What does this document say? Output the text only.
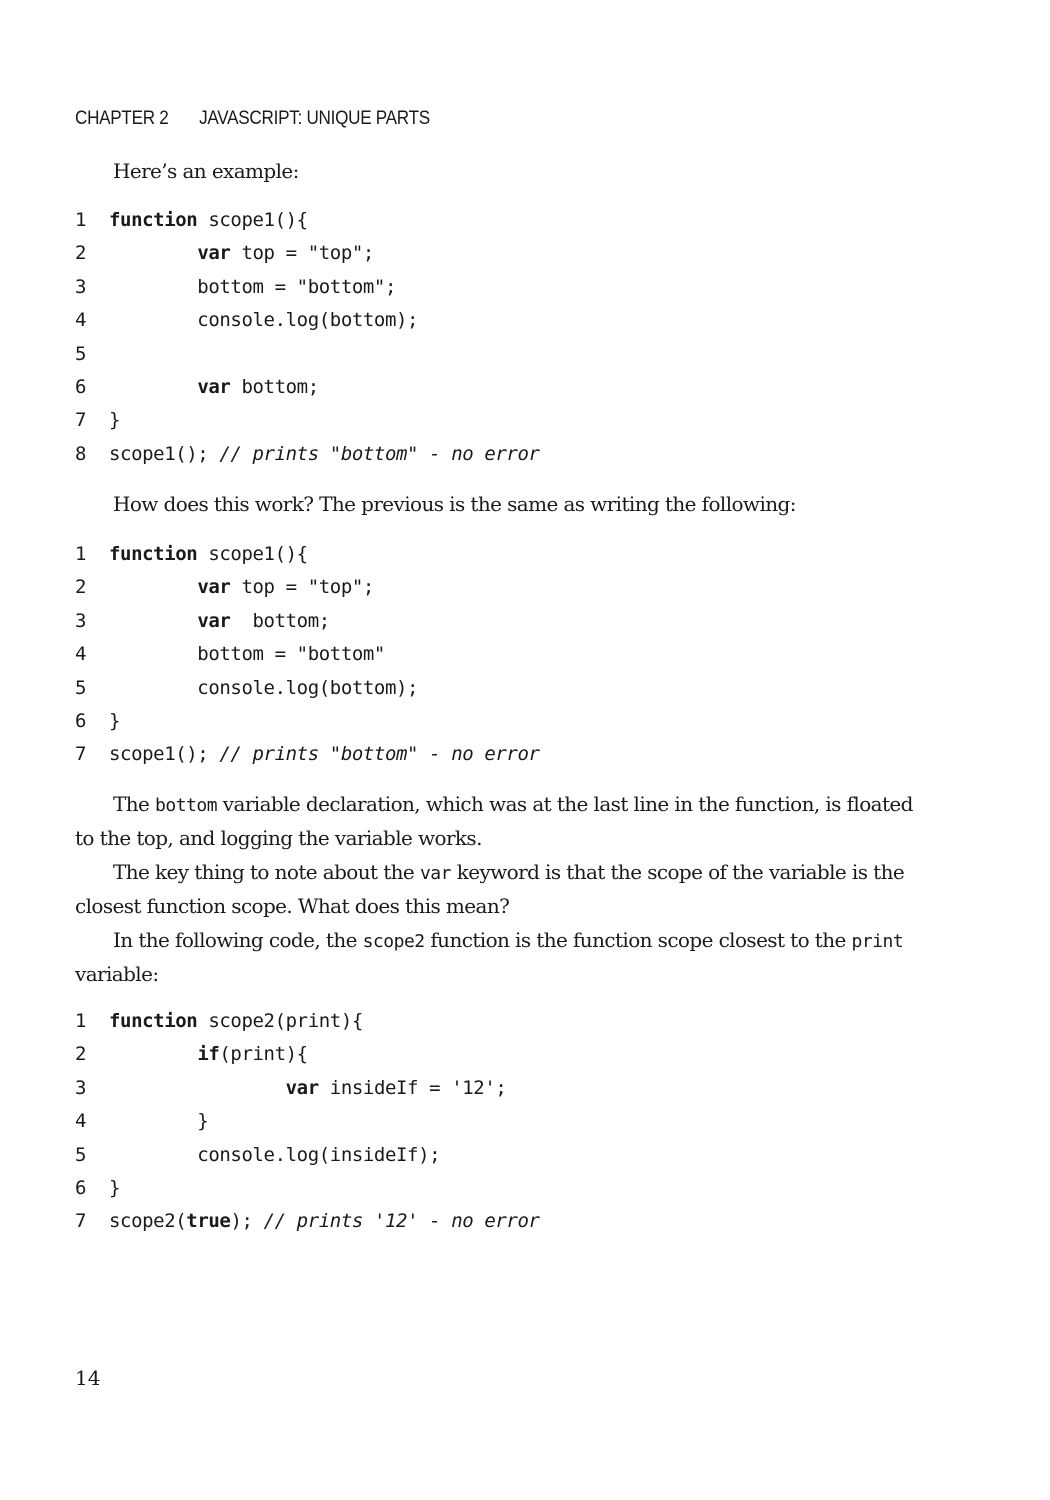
CHAPTER 2 JAVASCRIPT: UNIQUE PARTS

Here’s an example:

1	function scope1(){
2	var top = "top";
3	bottom = "bottom";
4	console.log(bottom);
5
6	var bottom;
7	}
8	scope1(); // prints "bottom" - no error

How does this work? The previous is the same as writing the following:

1	function scope1(){
2	var top = "top";
3	var  bottom;
4	bottom = "bottom"
5	console.log(bottom);
6	}
7	scope1(); // prints "bottom" - no error

The bottom variable declaration, which was at the last line in the function, is floated to the top, and logging the variable works.

The key thing to note about the var keyword is that the scope of the variable is the closest function scope. What does this mean?

In the following code, the scope2 function is the function scope closest to the print variable:

1	function scope2(print){
2	if(print){
3	var insideIf = '12';
4	}
5	console.log(insideIf);
6	}
7	scope2(true); // prints '12' - no error
14
